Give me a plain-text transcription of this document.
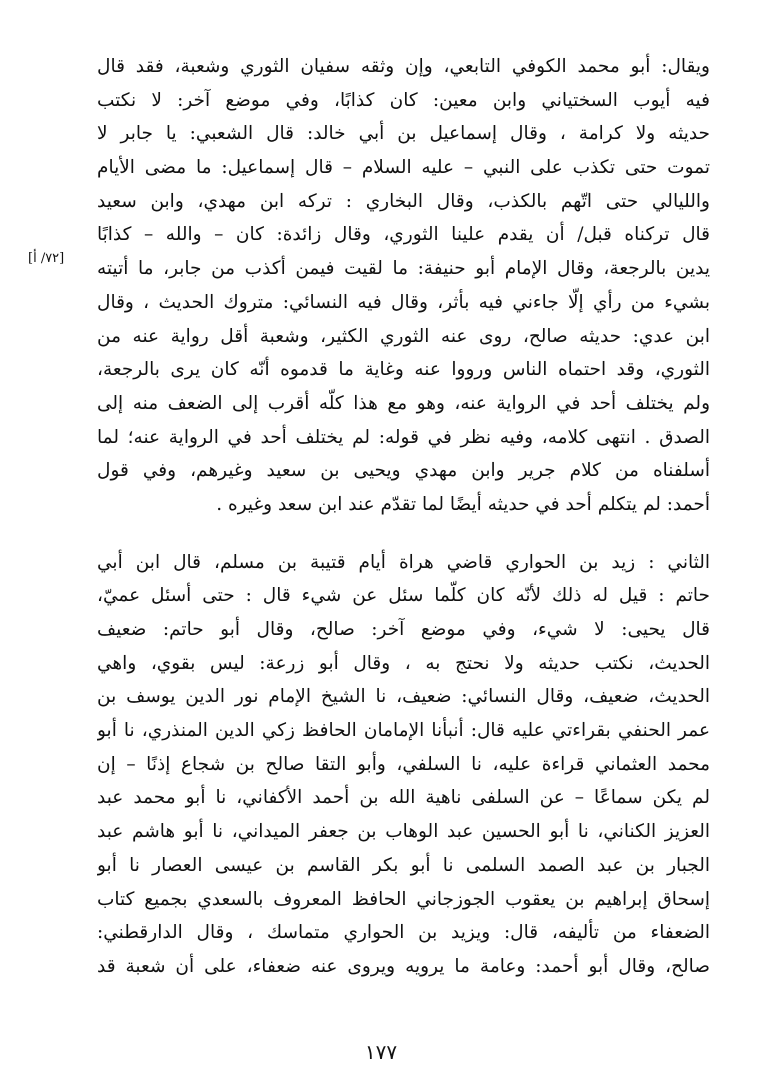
ويقال: أبو محمد الكوفي التابعي، وإن وثقه سفيان الثوري وشعبة، فقد قال
فيه أيوب السختياني وابن معين: كان كذابًا، وفي موضع آخر: لا نكتب
حديثه ولا كرامة ، وقال إسماعيل بن أبي خالد: قال الشعبي: يا جابر لا
تموت حتى تكذب على النبي – عليه السلام – قال إسماعيل: ما مضى الأيام
والليالي حتى اتّهم بالكذب، وقال البخاري : تركه ابن مهدي، وابن سعيد
قال تركناه قبل/ أن يقدم علينا الثوري، وقال زائدة: كان – والله – كذابًا
يدين بالرجعة، وقال الإمام أبو حنيفة: ما لقيت فيمن أكذب من جابر، ما أتيته
بشيء من رأي إلّا جاءني فيه بأثر، وقال فيه النسائي: متروك الحديث ، وقال
ابن عدي: حديثه صالح، روى عنه الثوري الكثير، وشعبة أقل رواية عنه من
الثوري، وقد احتماه الناس ورووا عنه وغاية ما قدموه أنّه كان يرى بالرجعة،
ولم يختلف أحد في الرواية عنه، وهو مع هذا كلّه أقرب إلى الضعف منه إلى
الصدق . انتهى كلامه، وفيه نظر في قوله: لم يختلف أحد في الرواية عنه؛ لما
أسلفناه من كلام جرير وابن مهدي ويحيى بن سعيد وغيرهم، وفي قول
أحمد: لم يتكلم أحد في حديثه أيضًا لما تقدّم عند ابن سعد وغيره .

الثاني : زيد بن الحواري قاضي هراة أيام قتيبة بن مسلم، قال ابن أبي
حاتم : قيل له ذلك لأنّه كان كلّما سئل عن شيء قال : حتى أسئل عميّ،
قال يحيى: لا شيء، وفي موضع آخر: صالح، وقال أبو حاتم: ضعيف
الحديث، نكتب حديثه ولا نحتج به ، وقال أبو زرعة: ليس بقوي، واهي
الحديث، ضعيف، وقال النسائي: ضعيف، نا الشيخ الإمام نور الدين يوسف بن
عمر الحنفي بقراءتي عليه قال: أنبأنا الإمامان الحافظ زكي الدين المنذري، نا أبو
محمد العثماني قراءة عليه، نا السلفي، وأبو التقا صالح بن شجاع إذنًا – إن
لم يكن سماعًا – عن السلفى ناهية الله بن أحمد الأكفاني، نا أبو محمد عبد
العزيز الكناني، نا أبو الحسين عبد الوهاب بن جعفر الميداني، نا أبو هاشم عبد
الجبار بن عبد الصمد السلمى نا أبو بكر القاسم بن عيسى العصار نا أبو
إسحاق إبراهيم بن يعقوب الجوزجاني الحافظ المعروف بالسعدي بجميع كتاب
الضعفاء من تأليفه، قال: ويزيد بن الحواري متماسك ، وقال الدارقطني:
صالح، وقال أبو أحمد: وعامة ما يرويه ويروى عنه ضعفاء، على أن شعبة قد

[٧٢/ أ]
١٧٧
